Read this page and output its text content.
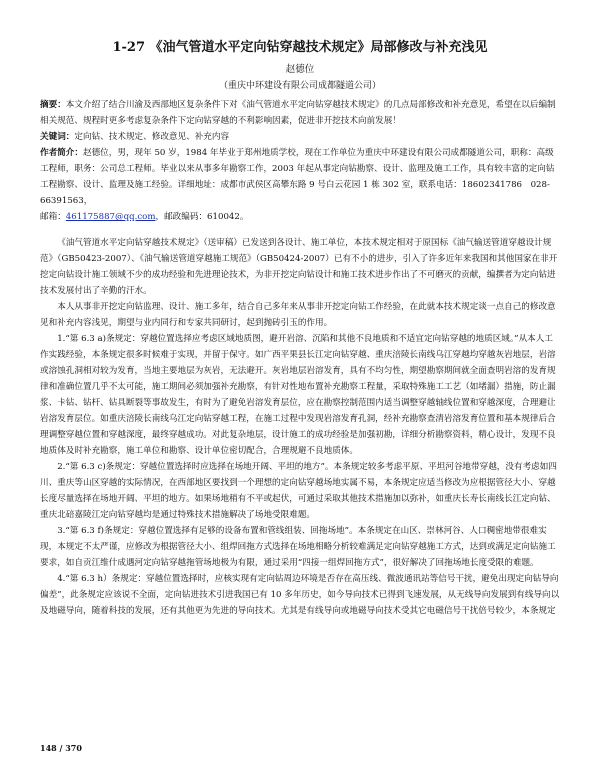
1-27 《油气管道水平定向钻穿越技术规定》局部修改与补充浅见
赵德位
（重庆中环建设有限公司成都隧道公司）

摘要：本文介绍了结合川渝及西部地区复杂条件下对《油气管道水平定向钻穿越技术规定》的几点局部修改和补充意见，希望在以后编制相关规范、规程时更多考虑复杂条件下定向钻穿越的不利影响因素，促进非开挖技术向前发展！

关键词：定向钻、技术规定、修改意见、补充内容

作者简介：赵德位，男，现年 50 岁，1984 年毕业于郑州地质学校，现在工作单位为重庆中环建设有限公司成都隧道公司，职称：高级工程师，职务：公司总工程师。毕业以来从事多年勘察工作，2003 年起从事定向钻勘察、设计、监理及施工工作，具有较丰富的定向钻工程勘察、设计、监理及施工经验。详细地址：成都市武侯区高攀东路 9 号白云花园 1 栋 302 室，联系电话：18602341786　028-66391563，

邮箱：461175887@qq.com，邮政编码：610042。

《油气管道水平定向钻穿越技术规定》（送审稿）已发送到各设计、施工单位，本技术规定相对于原国标《油气输送管道穿越设计规范》（GB50423-2007）、《油气输送管道穿越施工规范》（GB50424-2007）已有不小的进步，引入了许多近年来我国和其他国家在非开挖定向钻设计施工领域不少的成功经验和先进理论技术，为非开挖定向钻设计和施工技术进步作出了不可磨灭的贡献，编撰者为定向钻进技术发展付出了辛勤的汗水。

本人从事非开挖定向钻监理、设计、施工多年，结合自己多年来从事非开挖定向钻工作经验，在此就本技术规定谈一点自己的修改意见和补充内容浅见，期望与业内同行和专家共同研讨，起到抛砖引玉的作用。

1.“第 6.3 a)条规定：穿越位置选择应考虑区域地质图，避开岩溶、沉陷和其他不良地质和不适宜定向钻穿越的地质区域。”从本人工作实践经验，本条规定很多时候难于实现，并留于保守。如广西平果县长江定向钻穿越、重庆涪陵长南线乌江穿越均穿越灰岩地层，岩溶或溶蚀孔洞相对较为发育，当地主要地层为灰岩，无法避开。灰岩地层岩溶发育，具有不均匀性，期望勘察期间就全面查明岩溶的发育规律和准确位置几乎不太可能，施工期间必须加强补充勘察，有针对性地布置补充勘察工程量，采取特殊施工工艺（如堵漏）措施，防止漏浆、卡钻、钻杆、钻具断裂等事故发生，有时为了避免岩溶发育层位，应在勘察控制范围内适当调整穿越轴线位置和穿越深度，合理避让岩溶发育层位。如重庆涪陵长南线乌江定向钻穿越工程，在施工过程中发现岩溶发育孔洞，经补充勘察查清岩溶发育位置和基本规律后合理调整穿越位置和穿越深度，最终穿越成功。对此复杂地层，设计施工的成功经验是加强初勘，详细分析勘察资料，精心设计，发现不良地质体及时补充勘察，施工单位和勘察、设计单位密切配合，合理规避不良地质体。

2.“第 6.3 c)条规定：穿越位置选择时应选择在场地开阔、平坦的地方”。本条规定较多考虑平原、平坦河谷地带穿越，没有考虑如四川、重庆等山区穿越的实际情况，在西部地区要找到一个理想的定向钻穿越场地实属不易，本条规定应适当修改为应根据管径大小、穿越长度尽量选择在场地开阔、平坦的地方。如果场地稍有不平或起伏，可通过采取其他技术措施加以弥补，如重庆长寿长南线长江定向钻、重庆北碚嘉陵江定向钻穿越均是通过特殊技术措施解决了场地受限难题。

3.“第 6.3 f)条规定：穿越位置选择有足够的设备布置和管线组装、回拖场地”。本条规定在山区、崇林河谷、人口稠密地带很难实现，本规定不太严谨，应修改为根据管径大小、组焊回拖方式选择在场地相略分析较难满足定向钻穿越施工方式，达到或满足定向钻施工要求，如自贡江维什成遇河定向钻穿越拖管场地极为有限，通过采用“四接一组焊回拖方式”，很好解决了回拖场地长度受限的难题。

4.“第 6.3 h）条规定：穿越位置选择时，应核实现有定向钻周边环境是否存在高压线、微波通讯站等信号干扰，避免出现定向钻导向偏差”，此条规定应该说不全面，定向钻进技术引进我国已有 10 多年历史，如今导向技术已得到飞速发展，从无线导向发展到有线导向以及地磁导向，随着科技的发展，还有其他更为先进的导向技术。尤其是有线导向或地磁导向技术受其它电磁信号干扰倍号较少，本条规定

148 / 370
